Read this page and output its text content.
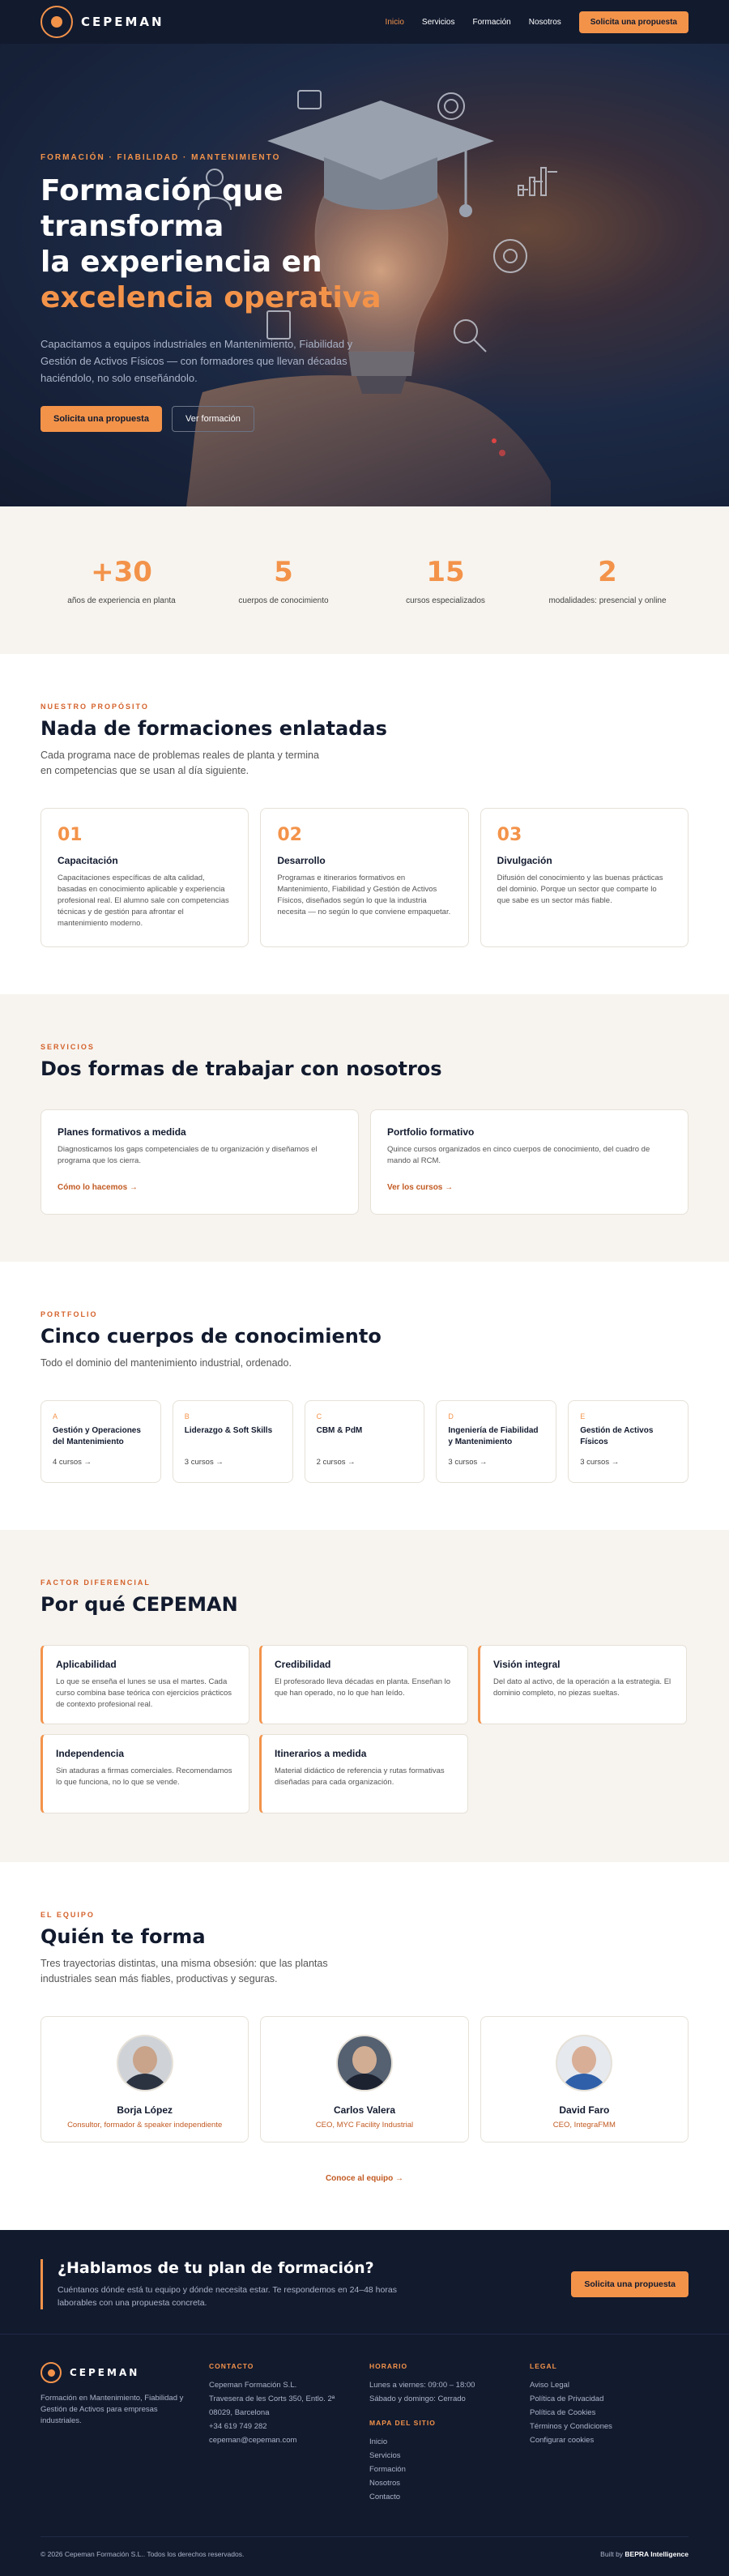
CEPEMAN	Inicio Servicios Formación Nosotros	Solicita una propuesta
FORMACIÓN · FIABILIDAD · MANTENIMIENTO
Formación que transforma
la experiencia en
excelencia operativa

Capacitamos a equipos industriales en Mantenimiento, Fiabilidad y Gestión de Activos Físicos — con formadores que llevan décadas haciéndolo, no solo enseñándolo.

Solicita una propuesta	Ver formación
+30
años de experiencia en planta
5
cuerpos de conocimiento
15
cursos especializados
2
modalidades: presencial y online
NUESTRO PROPÓSITO
Nada de formaciones enlatadas
Cada programa nace de problemas reales de planta y termina en competencias que se usan al día siguiente.
01
Capacitación
Capacitaciones específicas de alta calidad, basadas en conocimiento aplicable y experiencia profesional real. El alumno sale con competencias técnicas y de gestión para afrontar el mantenimiento moderno.
02
Desarrollo
Programas e itinerarios formativos en Mantenimiento, Fiabilidad y Gestión de Activos Físicos, diseñados según lo que la industria necesita — no según lo que conviene empaquetar.
03
Divulgación
Difusión del conocimiento y las buenas prácticas del dominio. Porque un sector que comparte lo que sabe es un sector más fiable.
SERVICIOS
Dos formas de trabajar con nosotros
Planes formativos a medida
Diagnosticamos los gaps competenciales de tu organización y diseñamos el programa que los cierra.
Cómo lo hacemos →
Portfolio formativo
Quince cursos organizados en cinco cuerpos de conocimiento, del cuadro de mando al RCM.
Ver los cursos →
PORTFOLIO
Cinco cuerpos de conocimiento
Todo el dominio del mantenimiento industrial, ordenado.
A
Gestión y Operaciones del Mantenimiento
4 cursos →
B
Liderazgo & Soft Skills
3 cursos →
C
CBM & PdM
2 cursos →
D
Ingeniería de Fiabilidad y Mantenimiento
3 cursos →
E
Gestión de Activos Físicos
3 cursos →
FACTOR DIFERENCIAL
Por qué CEPEMAN
Aplicabilidad
Lo que se enseña el lunes se usa el martes. Cada curso combina base teórica con ejercicios prácticos de contexto profesional real.
Credibilidad
El profesorado lleva décadas en planta. Enseñan lo que han operado, no lo que han leído.
Visión integral
Del dato al activo, de la operación a la estrategia. El dominio completo, no piezas sueltas.
Independencia
Sin ataduras a firmas comerciales. Recomendamos lo que funciona, no lo que se vende.
Itinerarios a medida
Material didáctico de referencia y rutas formativas diseñadas para cada organización.
EL EQUIPO
Quién te forma
Tres trayectorias distintas, una misma obsesión: que las plantas industriales sean más fiables, productivas y seguras.
Borja López
Consultor, formador & speaker independiente
Carlos Valera
CEO, MYC Facility Industrial
David Faro
CEO, IntegraFMM
Conoce al equipo →
¿Hablamos de tu plan de formación?

Cuéntanos dónde está tu equipo y dónde necesita estar. Te respondemos en 24–48 horas laborables con una propuesta concreta.

Solicita una propuesta
CEPEMAN
Formación en Mantenimiento, Fiabilidad y Gestión de Activos para empresas industriales.
CONTACTO
Cepeman Formación S.L.
Travesera de les Corts 350, Entlo. 2ª
08029, Barcelona
+34 619 749 282
cepeman@cepeman.com
HORARIO
Lunes a viernes: 09:00 – 18:00
Sábado y domingo: Cerrado
MAPA DEL SITIO
Inicio
Servicios
Formación
Nosotros
Contacto
LEGAL
Aviso Legal
Política de Privacidad
Política de Cookies
Términos y Condiciones
Configurar cookies
© 2026 Cepeman Formación S.L.. Todos los derechos reservados.	Built by BEPRA Intelligence
